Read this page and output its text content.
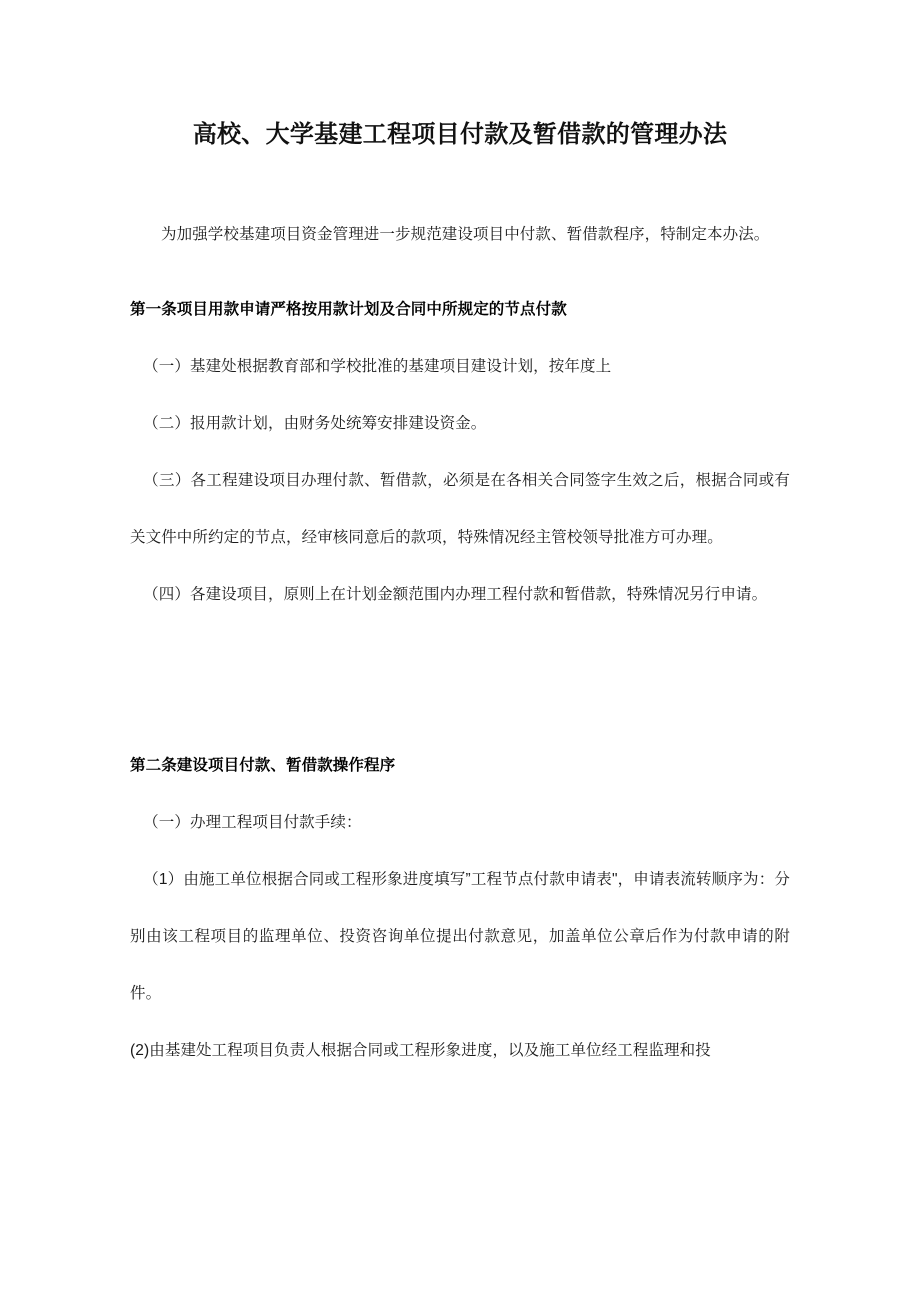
高校、大学基建工程项目付款及暂借款的管理办法

为加强学校基建项目资金管理进一步规范建设项目中付款、暂借款程序，特制定本办法。

第一条项目用款申请严格按用款计划及合同中所规定的节点付款

（一）基建处根据教育部和学校批准的基建项目建设计划，按年度上

（二）报用款计划，由财务处统筹安排建设资金。

（三）各工程建设项目办理付款、暂借款，必须是在各相关合同签字生效之后，根据合同或有关文件中所约定的节点，经审核同意后的款项，特殊情况经主管校领导批准方可办理。

（四）各建设项目，原则上在计划金额范围内办理工程付款和暂借款，特殊情况另行申请。

第二条建设项目付款、暂借款操作程序

（一）办理工程项目付款手续：

（1）由施工单位根据合同或工程形象进度填写”工程节点付款申请表"，申请表流转顺序为：分别由该工程项目的监理单位、投资咨询单位提出付款意见，加盖单位公章后作为付款申请的附件。

(2)由基建处工程项目负责人根据合同或工程形象进度，以及施工单位经工程监理和投
